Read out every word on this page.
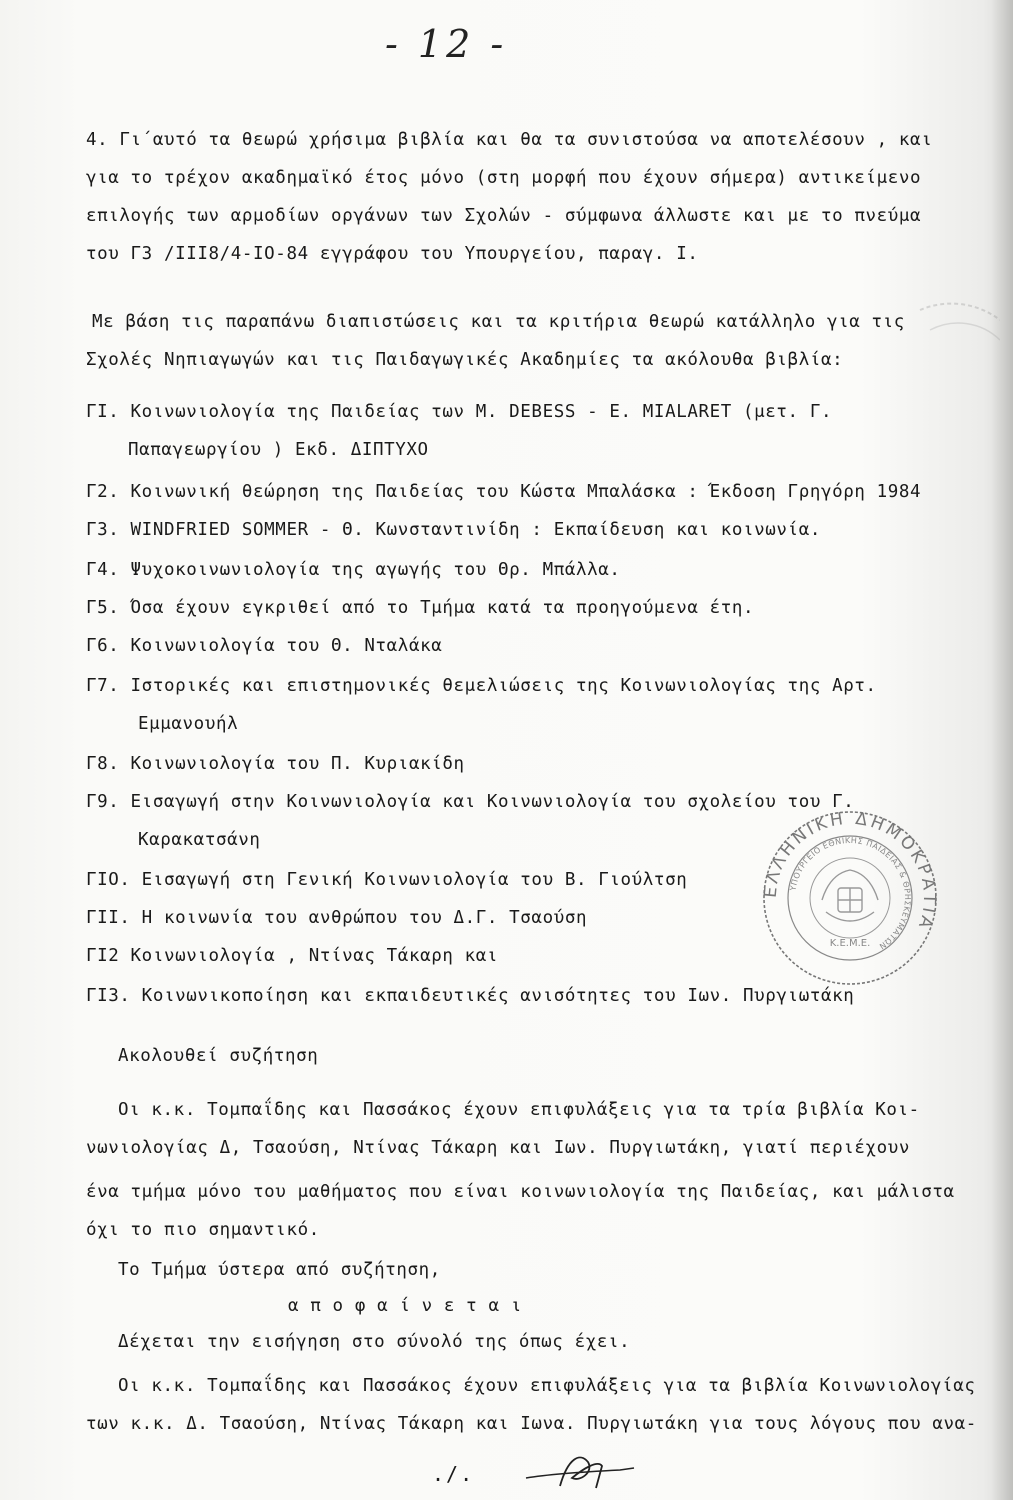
- 12 -
4. Γι΄αυτό τα θεωρώ χρήσιμα βιβλία και θα τα συνιστούσα να αποτελέσουν , και
για το τρέχον ακαδημαϊκό έτος μόνο (στη μορφή που έχουν σήμερα) αντικείμενο
επιλογής των αρμοδίων οργάνων των Σχολών - σύμφωνα άλλωστε και με το πνεύμα
του Γ3 /ΙΙΙ8/4-ΙΟ-84 εγγράφου του Υπουργείου, παραγ. Ι.
Με βάση τις παραπάνω διαπιστώσεις και τα κριτήρια θεωρώ κατάλληλο για τις
Σχολές Νηπιαγωγών και τις Παιδαγωγικές Ακαδημίες τα ακόλουθα βιβλία:
ΓΙ. Κοινωνιολογία της Παιδείας των Μ. DEBESS - Ε. MIALARET (μετ. Γ.
Παπαγεωργίου ) Εκδ. ΔΙΠΤΥΧΟ
Γ2. Κοινωνική θεώρηση της Παιδείας του Κώστα Μπαλάσκα : Έκδοση Γρηγόρη 1984
Γ3. WINDFRIED SOMMER - Θ. Κωνσταντινίδη : Εκπαίδευση και κοινωνία.
Γ4. Ψυχοκοινωνιολογία της αγωγής του Θρ. Μπάλλα.
Γ5. Όσα έχουν εγκριθεί από το Τμήμα κατά τα προηγούμενα έτη.
Γ6. Κοινωνιολογία του Θ. Νταλάκα
Γ7. Ιστορικές και επιστημονικές θεμελιώσεις της Κοινωνιολογίας της Αρτ.
Εμμανουήλ
Γ8. Κοινωνιολογία του Π. Κυριακίδη
Γ9. Εισαγωγή στην Κοινωνιολογία και Κοινωνιολογία του σχολείου του Γ.
Καρακατσάνη
ΓΙΟ. Εισαγωγή στη Γενική Κοινωνιολογία του Β. Γιούλτση
ΓΙΙ. Η κοινωνία του ανθρώπου του Δ.Γ. Τσαούση
ΓΙ2 Κοινωνιολογία , Ντίνας Τάκαρη και
ΓΙ3. Κοινωνικοποίηση και εκπαιδευτικές ανισότητες του Ιων. Πυργιωτάκη
Ακολουθεί συζήτηση
Οι κ.κ. Τομπαΐδης και Πασσάκος έχουν επιφυλάξεις για τα τρία βιβλία Κοι-
νωνιολογίας Δ, Τσαούση, Ντίνας Τάκαρη και Ιων. Πυργιωτάκη, γιατί περιέχουν
ένα τμήμα μόνο του μαθήματος που είναι κοινωνιολογία της Παιδείας, και μάλιστα
όχι το πιο σημαντικό.
Το Τμήμα ύστερα από συζήτηση,
α π ο φ α ί ν ε τ α ι
Δέχεται την εισήγηση στο σύνολό της όπως έχει.
Οι κ.κ. Τομπαΐδης και Πασσάκος έχουν επιφυλάξεις για τα βιβλία Κοινωνιολογίας
των κ.κ. Δ. Τσαούση, Ντίνας Τάκαρη και Ιωνα. Πυργιωτάκη για τους λόγους που ανα-
ΕΛΛΗΝΙΚΗ ΔΗΜΟΚΡΑΤΙΑ
ΥΠΟΥΡΓΕΙΟ ΕΘΝΙΚΗΣ ΠΑΙΔΕΙΑΣ & ΘΡΗΣΚΕΥΜΑΤΩΝ
Κ.Ε.Μ.Ε.
./.
